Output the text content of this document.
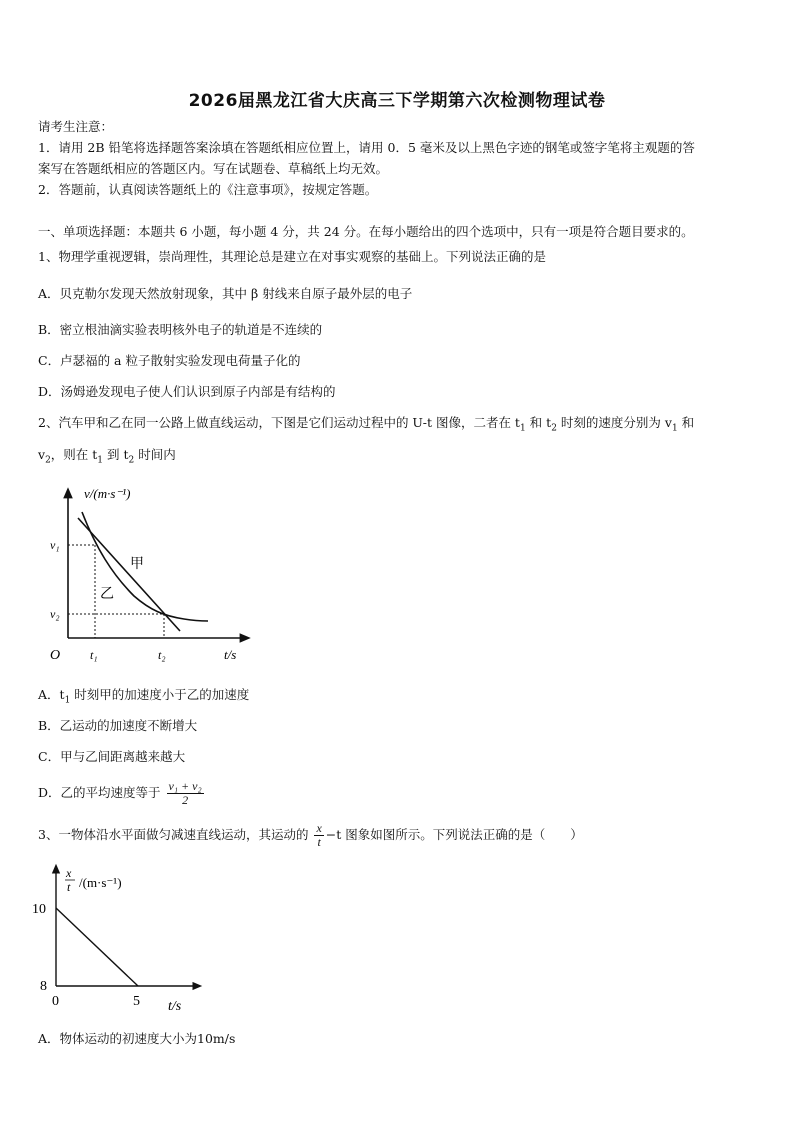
2026届黑龙江省大庆高三下学期第六次检测物理试卷
请考生注意：
1．请用 2B 铅笔将选择题答案涂填在答题纸相应位置上，请用 0．5 毫米及以上黑色字迹的钢笔或签字笔将主观题的答
案写在答题纸相应的答题区内。写在试题卷、草稿纸上均无效。
2．答题前，认真阅读答题纸上的《注意事项》，按规定答题。
一、单项选择题：本题共 6 小题，每小题 4 分，共 24 分。在每小题给出的四个选项中，只有一项是符合题目要求的。
1、物理学重视逻辑，崇尚理性，其理论总是建立在对事实观察的基础上。下列说法正确的是
A．贝克勒尔发现天然放射现象，其中 β 射线来自原子最外层的电子
B．密立根油滴实验表明核外电子的轨道是不连续的
C．卢瑟福的 a 粒子散射实验发现电荷量子化的
D．汤姆逊发现电子使人们认识到原子内部是有结构的
2、汽车甲和乙在同一公路上做直线运动，下图是它们运动过程中的 U-t 图像，二者在 $t_1$ 和 $t_2$ 时刻的速度分别为 $v_1$ 和
$v_2$，则在 $t_1$ 到 $t_2$ 时间内
v/(m·s⁻¹)
v₁
v₂
O t₁	t₂	t/s
甲
乙
A．$t_1$ 时刻甲的加速度小于乙的加速度
B．乙运动的加速度不断增大
C．甲与乙间距离越来越大
D．乙的平均速度等于 $\frac{\text{v₁ + v₂}}{2}$
3、一物体沿水平面做匀减速直线运动，其运动的 $\frac{x}{t} -t$ 图象如图所示。下列说法正确的是（　　）
x
t /(m·s⁻¹)
10
8
0	5 t/s
A．物体运动的初速度大小为10m/s
